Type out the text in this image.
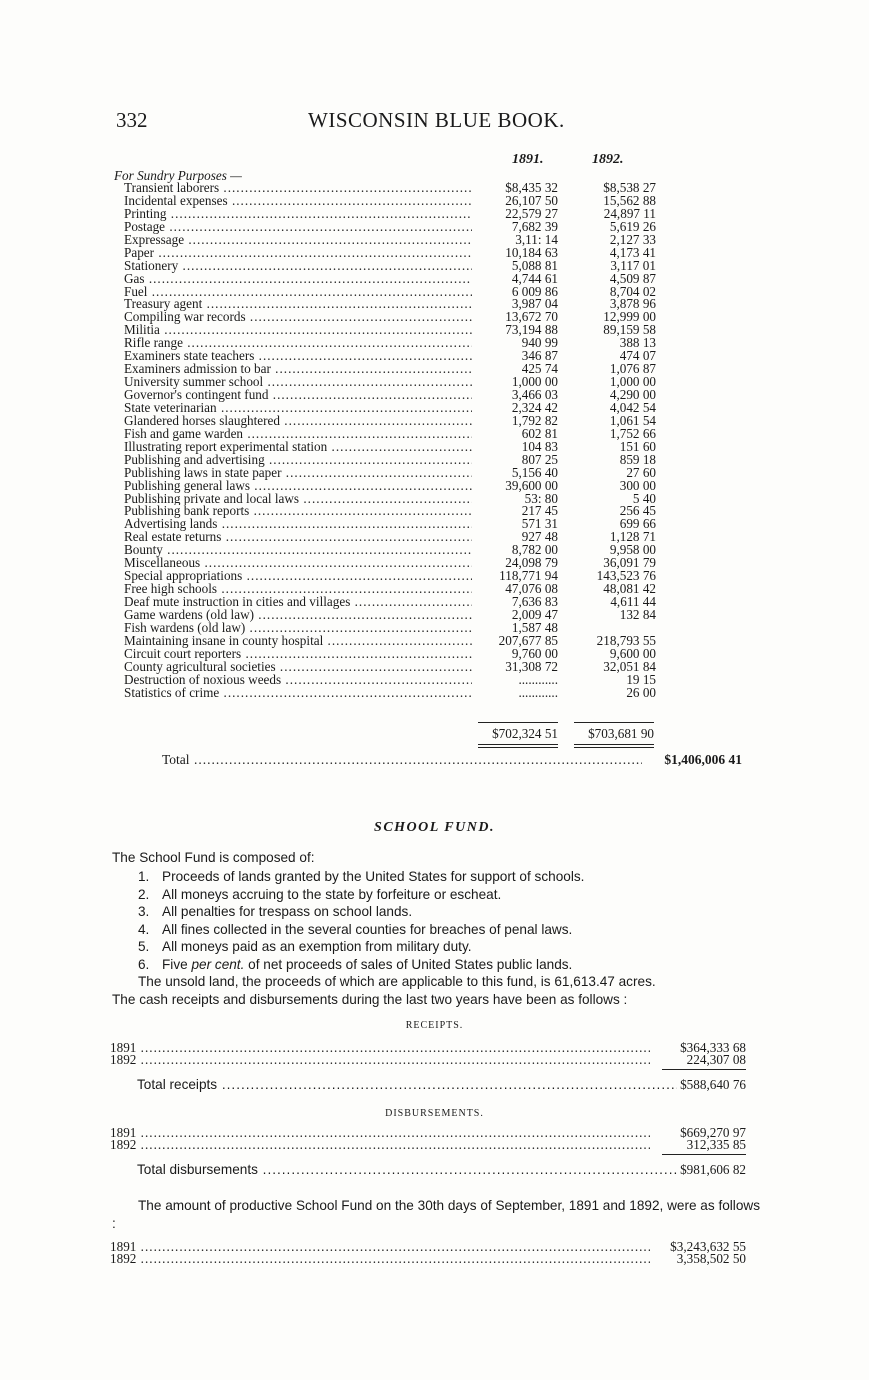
332	WISCONSIN BLUE BOOK.
1891.	1892.
For Sundry Purposes —
Transient laborers .....	$8,435 32	$8,538 27
Incidental expenses .....	26,107 50	15,562 88
Printing .....	22,579 27	24,897 11
Postage .....	7,682 39	5,619 26
Expressage .....	3,11: 14	2,127 33
Paper .....	10,184 63	4,173 41
Stationery .....	5,088 81	3,117 01
Gas .....	4,744 61	4,509 87
Fuel .....	6 009 86	8,704 02
Treasury agent .....	3,987 04	3,878 96
Compiling war records .....	13,672 70	12,999 00
Militia .....	73,194 88	89,159 58
Rifle range .....	940 99	388 13
Examiners state teachers .....	346 87	474 07
Examiners admission to bar .....	425 74	1,076 87
University summer school .....	1,000 00	1,000 00
Governor's contingent fund .....	3,466 03	4,290 00
State veterinarian .....	2,324 42	4,042 54
Glandered horses slaughtered .....	1,792 82	1,061 54
Fish and game warden .....	602 81	1,752 66
Illustrating report experimental station .....	104 83	151 60
Publishing and advertising .....	807 25	859 18
Publishing laws in state paper .....	5,156 40	27 60
Publishing general laws .....	39,600 00	300 00
Publishing private and local laws .....	53: 80	5 40
Publishing bank reports .....	217 45	256 45
Advertising lands .....	571 31	699 66
Real estate returns .....	927 48	1,128 71
Bounty .....	8,782 00	9,958 00
Miscellaneous .....	24,098 79	36,091 79
Special appropriations .....	118,771 94	143,523 76
Free high schools .....	47,076 08	48,081 42
Deaf mute instruction in cities and villages .....	7,636 83	4,611 44
Game wardens (old law) .....	2,009 47	132 84
Fish wardens (old law) .....	1,587 48
Maintaining insane in county hospital .....	207,677 85	218,793 55
Circuit court reporters .....	9,760 00	9,600 00
County agricultural societies .....	31,308 72	32,051 84
Destruction of noxious weeds .....	............	19 15
Statistics of crime .....	............	26 00
$702,324 51	$703,681 90
Total .....	$1,406,006 41
SCHOOL FUND.
The School Fund is composed of:
1. Proceeds of lands granted by the United States for support of schools.
2. All moneys accruing to the state by forfeiture or escheat.
3. All penalties for trespass on school lands.
4. All fines collected in the several counties for breaches of penal laws.
5. All moneys paid as an exemption from military duty.
6. Five per cent. of net proceeds of sales of United States public lands.
The unsold land, the proceeds of which are applicable to this fund, is 61,613.47 acres.
The cash receipts and disbursements during the last two years have been as follows :
RECEIPTS.
1891 .....	$364,333 68
1892 .....	224,307 08
Total receipts .....	$588,640 76
DISBURSEMENTS.
1891 .....	$669,270 97
1892 .....	312,335 85
Total disbursements .....	$981,606 82
The amount of productive School Fund on the 30th days of September, 1891 and 1892, were as follows :
1891 .....	$3,243,632 55
1892 .....	3,358,502 50
